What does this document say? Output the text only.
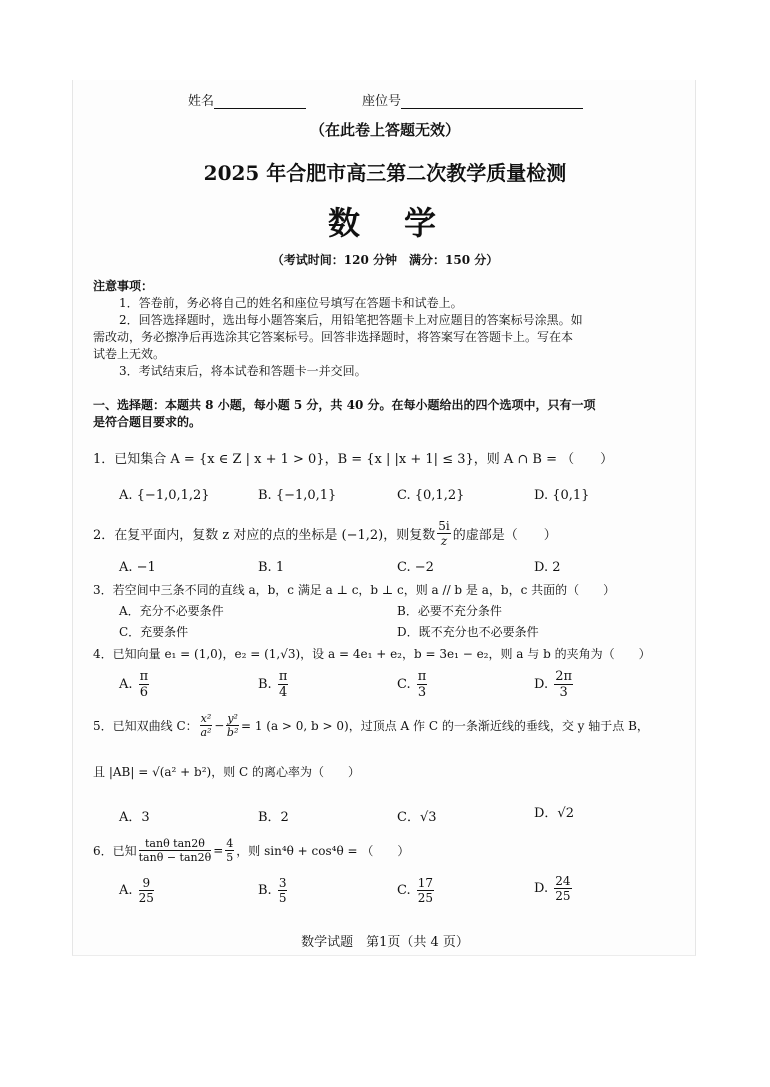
姓名	座位号
（在此卷上答题无效）
2025 年合肥市高三第二次教学质量检测
数　学
（考试时间：120 分钟　满分：150 分）
注意事项：
1．答卷前，务必将自己的姓名和座位号填写在答题卡和试卷上。
2．回答选择题时，选出每小题答案后，用铅笔把答题卡上对应题目的答案标号涂黑。如
需改动，务必擦净后再选涂其它答案标号。回答非选择题时，将答案写在答题卡上。写在本
试卷上无效。
3．考试结束后，将本试卷和答题卡一并交回。
一、选择题：本题共 8 小题，每小题 5 分，共 40 分。在每小题给出的四个选项中，只有一项
是符合题目要求的。
1．已知集合 A = {x ∈ Z | x + 1 > 0}，B = {x | |x + 1| ≤ 3}，则 A ∩ B = （　　）
A. {−1,0,1,2}	B. {−1,0,1}	C. {0,1,2}	D. {0,1}
2．在复平面内，复数 z 对应的点的坐标是 (−1,2)，则复数 $\frac{5i}{z}$ 的虚部是（　　）
A. −1	B. 1	C. −2	D. 2
3．若空间中三条不同的直线 a，b，c 满足 a ⊥ c，b ⊥ c，则 a // b 是 a，b，c 共面的（　　）
A．充分不必要条件	B．必要不充分条件
C．充要条件	D．既不充分也不必要条件
4．已知向量 e₁ = (1,0)，e₂ = (1,√3)，设 a = 4e₁ + e₂，b = 3e₁ − e₂，则 a 与 b 的夹角为（　　）
A. $\frac{\pi}{6}$	B. $\frac{\pi}{4}$	C. $\frac{\pi}{3}$	D. $\frac{2\pi}{3}$
5．已知双曲线 C： $\frac{\text{x²}}{\text{a²}} - \frac{\text{y²}}{\text{b²}} = 1$ (a > 0, b > 0)，过顶点 A 作 C 的一条渐近线的垂线，交 y 轴于点 B，
且 |AB| = √(a² + b²)，则 C 的离心率为（　　）
A．3	B．2	C．√3	D．√2
6．已知 $\frac{\text{tanθ tan2θ}}{\tan\theta - \tan 2\theta} = \frac{4}{5}$ ，则 sin⁴θ + cos⁴θ = （　　）
A. $\frac{9}{25}$	B. $\frac{3}{5}$	C. $\frac{17}{25}$	D. $\frac{24}{25}$
数学试题　第1页（共 4 页）
